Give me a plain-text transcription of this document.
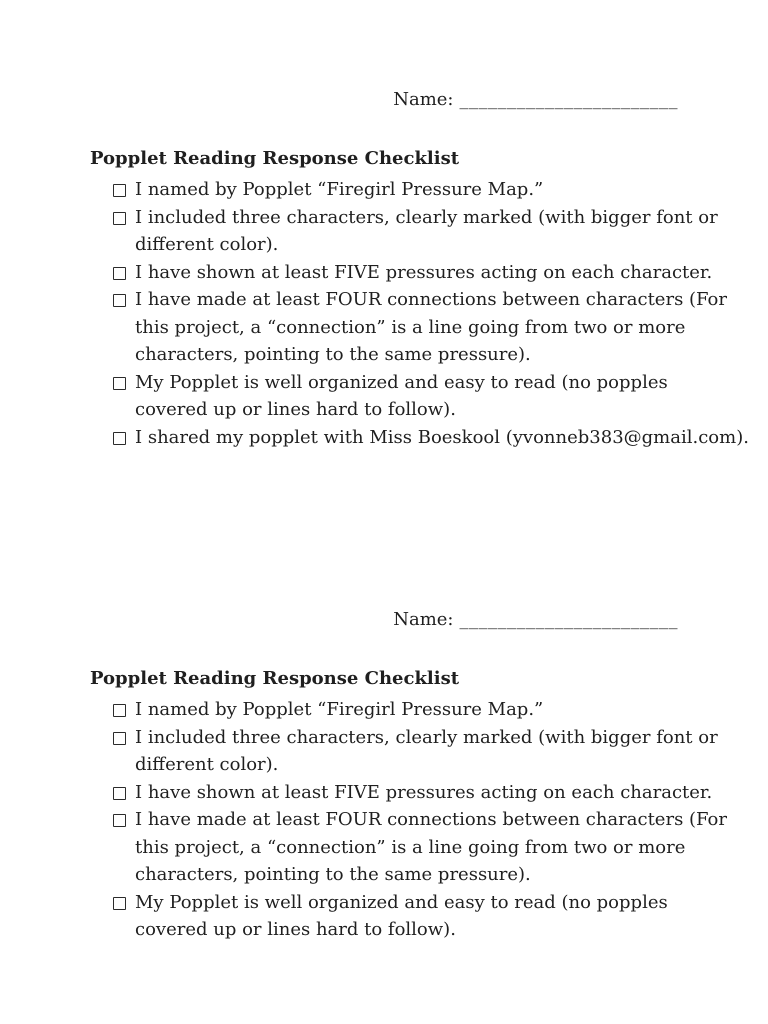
Name: _______________________
Popplet Reading Response Checklist
I named by Popplet “Firegirl Pressure Map.”
I included three characters, clearly marked (with bigger font or
different color).
I have shown at least FIVE pressures acting on each character.
I have made at least FOUR connections between characters (For
this project, a “connection” is a line going from two or more
characters, pointing to the same pressure).
My Popplet is well organized and easy to read (no popples
covered up or lines hard to follow).
I shared my popplet with Miss Boeskool (yvonneb383@gmail.com).
Name: _______________________
Popplet Reading Response Checklist
I named by Popplet “Firegirl Pressure Map.”
I included three characters, clearly marked (with bigger font or
different color).
I have shown at least FIVE pressures acting on each character.
I have made at least FOUR connections between characters (For
this project, a “connection” is a line going from two or more
characters, pointing to the same pressure).
My Popplet is well organized and easy to read (no popples
covered up or lines hard to follow).
